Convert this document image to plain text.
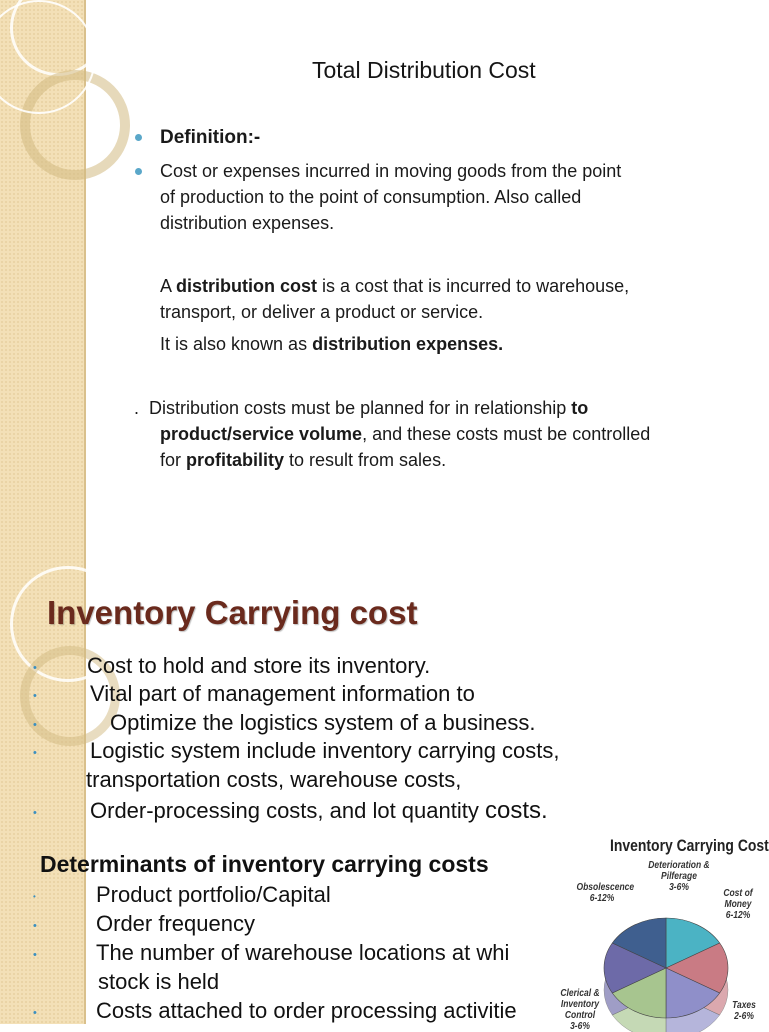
Total Distribution Cost
Definition:-
Cost or expenses incurred in moving goods from the point
of production to the point of consumption. Also called
distribution expenses.
A distribution cost is a cost that is incurred to warehouse,
transport, or deliver a product or service.
It is also known as distribution expenses.
.  Distribution costs must be planned for in relationship to
product/service volume, and these costs must be controlled
for profitability to result from sales.
Inventory Carrying cost
• Cost to hold and store its inventory.
• Vital part of management information to
•	Optimize the logistics system of a business.
• Logistic system include inventory carrying costs,
transportation costs, warehouse costs,
• Order-processing costs, and lot quantity costs.
Determinants of inventory carrying costs
•	Product portfolio/Capital
•	Order frequency
•	The number of warehouse locations at whi
stock is held
•	Costs attached to order processing activitie
Inventory Carrying Cost
Deterioration & Pilferage
3-6%
Obsolescence
6-12%	Cost of Money
6-12%
Clerical & Inventory Control
3-6%
Taxes
2-6%
